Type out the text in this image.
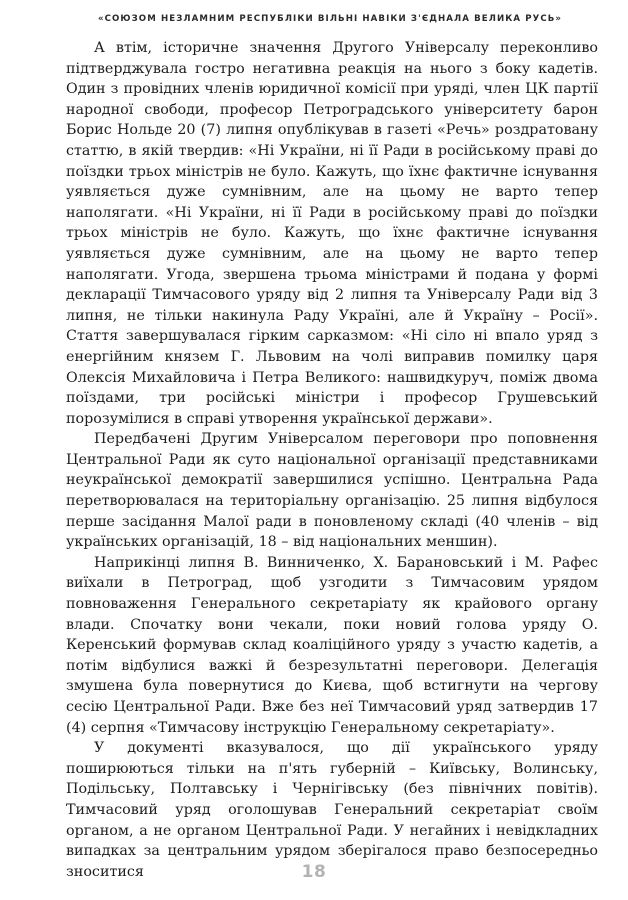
«СОЮЗОМ НЕЗЛАМНИМ РЕСПУБЛІКИ ВІЛЬНІ НАВІКИ З'ЄДНАЛА ВЕЛИКА РУСЬ»

А втім, історичне значення Другого Універсалу переконливо підтверджувала гостро негативна реакція на нього з боку кадетів. Один з провідних членів юридичної комісії при уряді, член ЦК партії народної свободи, професор Петроградського університету барон Борис Нольде 20 (7) липня опублікував в газеті «Речь» роздратовану статтю, в якій твердив: «Ні України, ні її Ради в російському праві до поїздки трьох міністрів не було. Кажуть, що їхнє фактичне існування уявляється дуже сумнівним, але на цьому не варто тепер наполягати. «Ні України, ні її Ради в російському праві до поїздки трьох міністрів не було. Кажуть, що їхнє фактичне існування уявляється дуже сумнівним, але на цьому не варто тепер наполягати. Угода, звершена трьома міністрами й подана у формі декларації Тимчасового уряду від 2 липня та Універсалу Ради від 3 липня, не тільки накинула Раду Україні, але й Україну – Росії». Стаття завершувалася гірким сарказмом: «Ні сіло ні впало уряд з енергійним князем Г. Львовим на чолі виправив помилку царя Олексія Михайловича і Петра Великого: нашвидкуруч, поміж двома поїздами, три російські міністри і професор Грушевський порозумілися в справі утворення української держави».

Передбачені Другим Універсалом переговори про поповнення Центральної Ради як суто національної організації представниками неукраїнської демократії завершилися успішно. Центральна Рада перетворювалася на територіальну організацію. 25 липня відбулося перше засідання Малої ради в поновленому складі (40 членів – від українських організацій, 18 – від національних меншин).

Наприкінці липня В. Винниченко, Х. Барановський і М. Рафес виїхали в Петроград, щоб узгодити з Тимчасовим урядом повноваження Генерального секретаріату як крайового органу влади. Спочатку вони чекали, поки новий голова уряду О. Керенський формував склад коаліційного уряду з участю кадетів, а потім відбулися важкі й безрезультатні переговори. Делегація змушена була повернутися до Києва, щоб встигнути на чергову сесію Центральної Ради. Вже без неї Тимчасовий уряд затвердив 17 (4) серпня «Тимчасову інструкцію Генеральному секретаріату».

У документі вказувалося, що дії українського уряду поширюються тільки на п'ять губерній – Київську, Волинську, Подільську, Полтавську і Чернігівську (без північних повітів). Тимчасовий уряд оголошував Генеральний секретаріат своїм органом, а не органом Центральної Ради. У негайних і невідкладних випадках за центральним урядом зберігалося право безпосередньо зноситися	18
